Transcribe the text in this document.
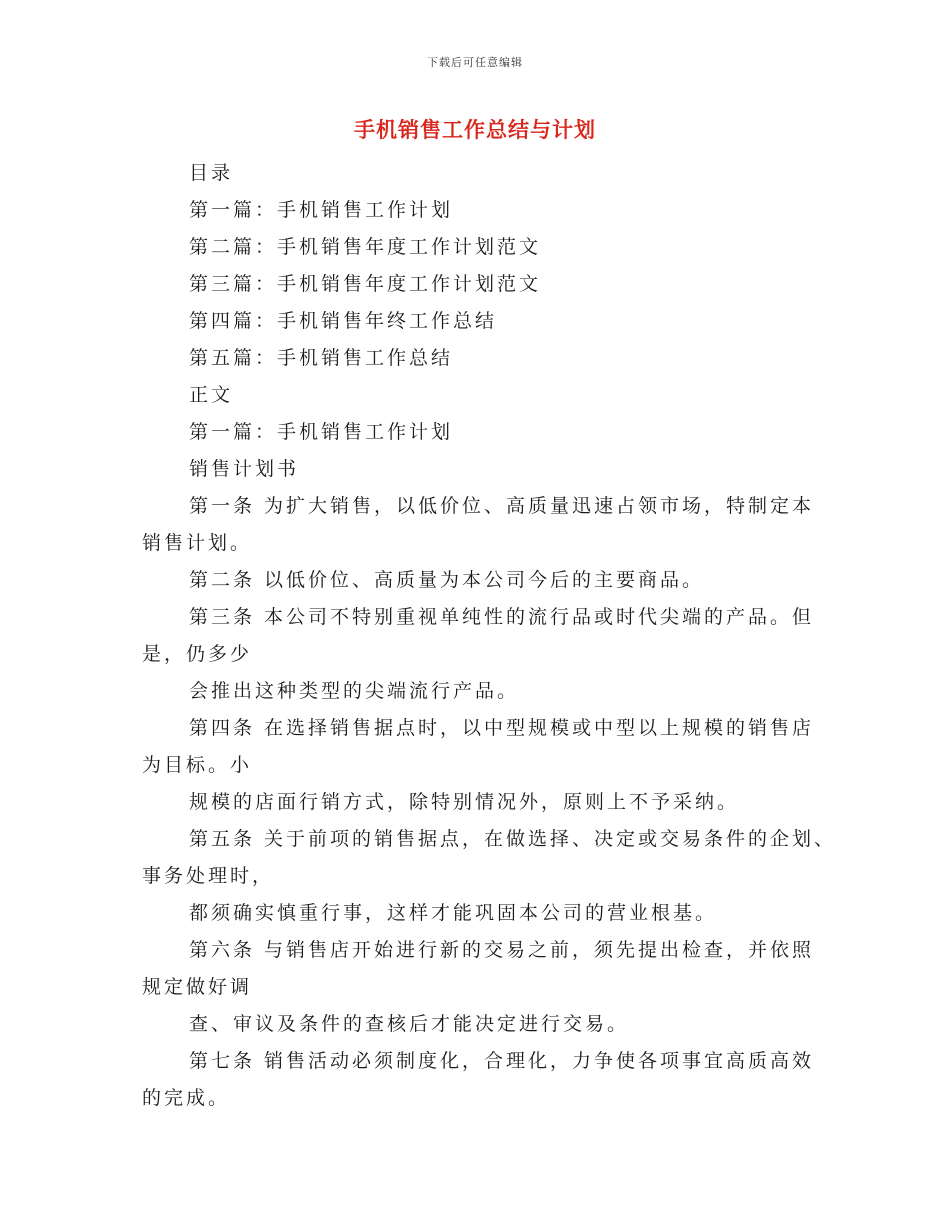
下载后可任意编辑
手机销售工作总结与计划
目录
第一篇：手机销售工作计划
第二篇：手机销售年度工作计划范文
第三篇：手机销售年度工作计划范文
第四篇：手机销售年终工作总结
第五篇：手机销售工作总结
正文
第一篇：手机销售工作计划
销售计划书
第一条 为扩大销售，以低价位、高质量迅速占领市场，特制定本
销售计划。
第二条 以低价位、高质量为本公司今后的主要商品。
第三条 本公司不特别重视单纯性的流行品或时代尖端的产品。但
是，仍多少
会推出这种类型的尖端流行产品。
第四条 在选择销售据点时，以中型规模或中型以上规模的销售店
为目标。小
规模的店面行销方式，除特别情况外，原则上不予采纳。
第五条 关于前项的销售据点，在做选择、决定或交易条件的企划、
事务处理时，
都须确实慎重行事，这样才能巩固本公司的营业根基。
第六条 与销售店开始进行新的交易之前，须先提出检查，并依照
规定做好调
查、审议及条件的查核后才能决定进行交易。
第七条 销售活动必须制度化，合理化，力争使各项事宜高质高效
的完成。
